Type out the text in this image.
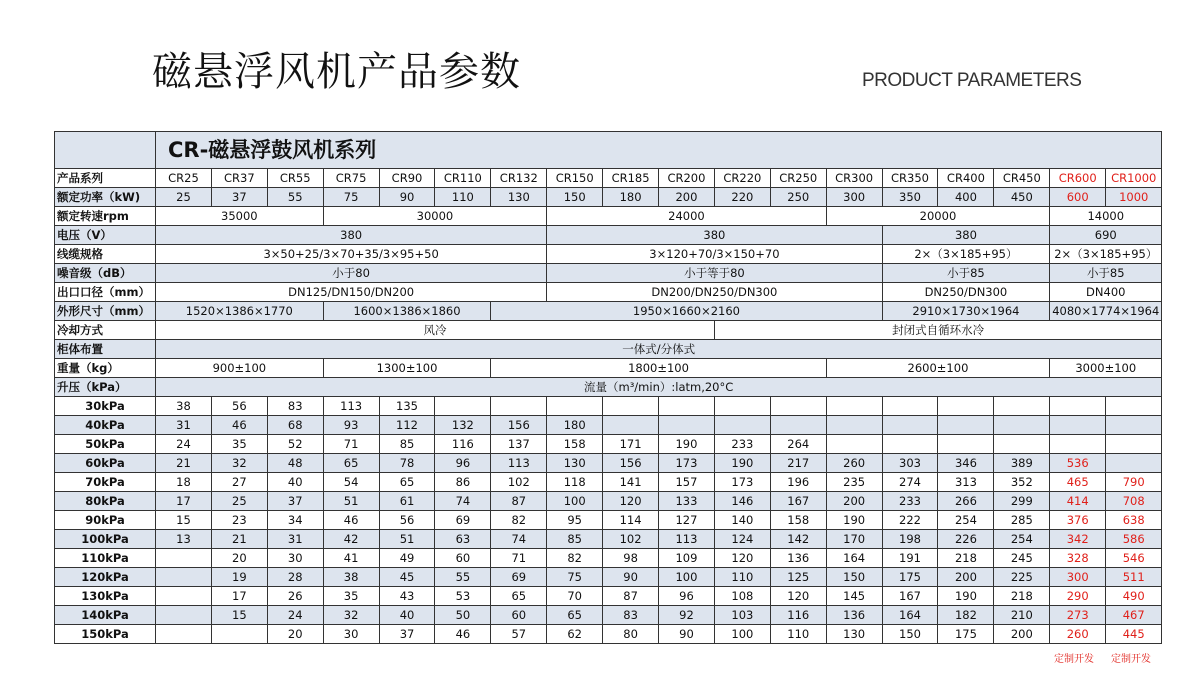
磁悬浮风机产品参数	PRODUCT PARAMETERS
	CR-磁悬浮鼓风机系列																	
产品系列	CR25	CR37	CR55	CR75	CR90	CR110	CR132	CR150	CR185	CR200	CR220	CR250	CR300	CR350	CR400	CR450	CR600	CR1000
额定功率（kW)	25	37	55	75	90	110	130	150	180	200	220	250	300	350	400	450	600	1000
额定转速rpm	35000			30000				24000					20000				14000	
电压（V）	380							380						380			690	
线缆规格	3×50+25/3×70+35/3×95+50							3×120+70/3×150+70						2×（3×185+95）			2×（3×185+95）	
噪音级（dB）	小于80							小于等于80						小于85			小于85	
出口口径（mm）	DN125/DN150/DN200							DN200/DN250/DN300						DN250/DN300			DN400	
外形尺寸（mm）	1520×1386×1770			1600×1386×1860			1950×1660×2160							2910×1730×1964			4080×1774×1964	
冷却方式	风冷										封闭式自循环水冷							
柜体布置	一体式/分体式																	
重量（kg）	900±100			1300±100			1800±100						2600±100				3000±100	
升压（kPa）	流量（m³/min）:latm,20°C																	
30kPa	38	56	83	113	135													
40kPa	31	46	68	93	112	132	156	180										
50kPa	24	35	52	71	85	116	137	158	171	190	233	264						
60kPa	21	32	48	65	78	96	113	130	156	173	190	217	260	303	346	389	536	
70kPa	18	27	40	54	65	86	102	118	141	157	173	196	235	274	313	352	465	790
80kPa	17	25	37	51	61	74	87	100	120	133	146	167	200	233	266	299	414	708
90kPa	15	23	34	46	56	69	82	95	114	127	140	158	190	222	254	285	376	638
100kPa	13	21	31	42	51	63	74	85	102	113	124	142	170	198	226	254	342	586
110kPa		20	30	41	49	60	71	82	98	109	120	136	164	191	218	245	328	546
120kPa		19	28	38	45	55	69	75	90	100	110	125	150	175	200	225	300	511
130kPa		17	26	35	43	53	65	70	87	96	108	120	145	167	190	218	290	490
140kPa		15	24	32	40	50	60	65	83	92	103	116	136	164	182	210	273	467
150kPa			20	30	37	46	57	62	80	90	100	110	130	150	175	200	260	445
定制开发	定制开发
